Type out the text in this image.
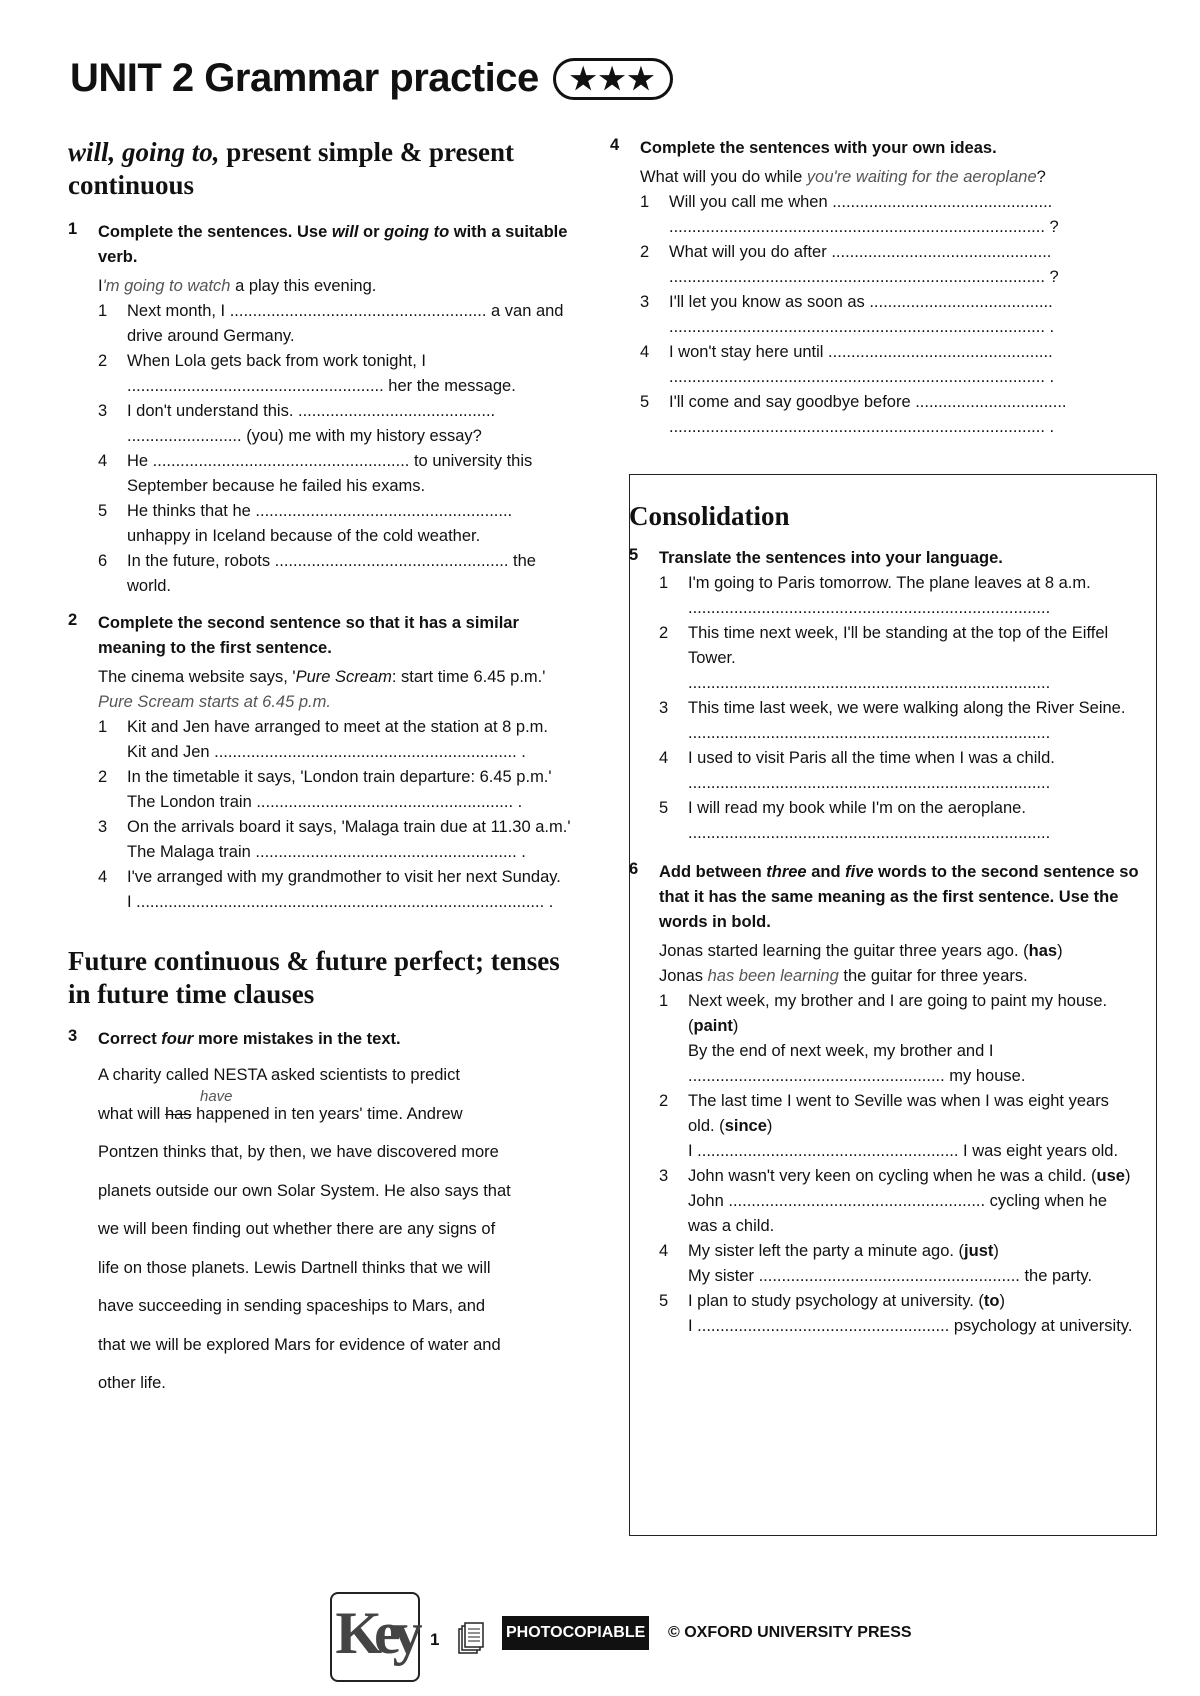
UNIT 2 Grammar practice	★★★
will, going to, present simple & present continuous
1	Complete the sentences. Use will or going to with a suitable verb.
I'm going to watch a play this evening.
1	Next month, I ........................................................ a van and drive around Germany.
2	When Lola gets back from work tonight, I ........................................................ her the message.
3	I don't understand this. ........................................... ......................... (you) me with my history essay?
4	He ........................................................ to university this September because he failed his exams.
5	He thinks that he ........................................................ unhappy in Iceland because of the cold weather.
6	In the future, robots ................................................... the world.
2	Complete the second sentence so that it has a similar meaning to the first sentence.
The cinema website says, 'Pure Scream: start time 6.45 p.m.'
Pure Scream starts at 6.45 p.m.
1	Kit and Jen have arranged to meet at the station at 8 p.m.
Kit and Jen .................................................................. .
2	In the timetable it says, 'London train departure: 6.45 p.m.'
The London train ........................................................ .
3	On the arrivals board it says, 'Malaga train due at 11.30 a.m.'
The Malaga train ......................................................... .
4	I've arranged with my grandmother to visit her next Sunday.
I ......................................................................................... .
Future continuous & future perfect; tenses in future time clauses
3	Correct four more mistakes in the text.
have
A charity called NESTA asked scientists to predict
what will has happened in ten years' time. Andrew
Pontzen thinks that, by then, we have discovered more
planets outside our own Solar System. He also says that
we will been finding out whether there are any signs of
life on those planets. Lewis Dartnell thinks that we will
have succeeding in sending spaceships to Mars, and
that we will be explored Mars for evidence of water and
other life.
4	Complete the sentences with your own ideas.
What will you do while you're waiting for the aeroplane?
1	Will you call me when ................................................
.................................................................................. ?
2	What will you do after ................................................
.................................................................................. ?
3	I'll let you know as soon as ........................................
.................................................................................. .
4	I won't stay here until .................................................
.................................................................................. .
5	I'll come and say goodbye before .................................
.................................................................................. .
Consolidation
5	Translate the sentences into your language.
1	I'm going to Paris tomorrow. The plane leaves at 8 a.m.
...............................................................................
2	This time next week, I'll be standing at the top of the Eiffel Tower.
...............................................................................
3	This time last week, we were walking along the River Seine.
...............................................................................
4	I used to visit Paris all the time when I was a child.
...............................................................................
5	I will read my book while I'm on the aeroplane.
...............................................................................
6	Add between three and five words to the second sentence so that it has the same meaning as the first sentence. Use the words in bold.
Jonas started learning the guitar three years ago. (has)
Jonas has been learning the guitar for three years.
1	Next week, my brother and I are going to paint my house. (paint)
By the end of next week, my brother and I ........................................................ my house.
2	The last time I went to Seville was when I was eight years old. (since)
I ......................................................... I was eight years old.
3	John wasn't very keen on cycling when he was a child. (use)
John ........................................................ cycling when he was a child.
4	My sister left the party a minute ago. (just)
My sister ......................................................... the party.
5	I plan to study psychology at university. (to)
I ....................................................... psychology at university.
Key 1	PHOTOCOPIABLE © OXFORD UNIVERSITY PRESS
